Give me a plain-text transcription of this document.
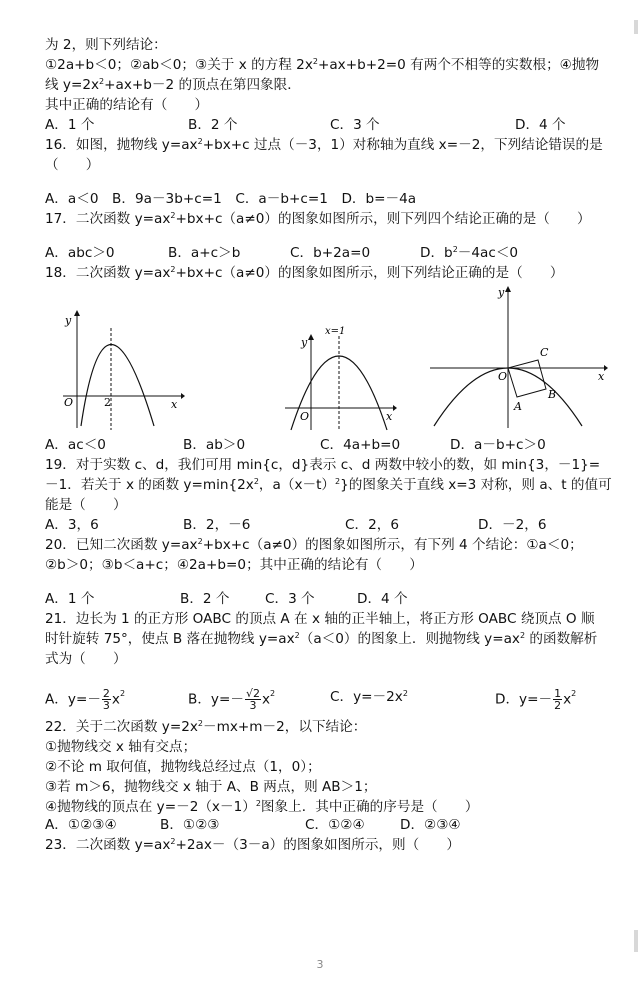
为 2，则下列结论：
①2a+b＜0；②ab＜0；③关于 x 的方程 $2x^2+ax+b+2=0$ 有两个不相等的实数根；④抛物
线 $y=2x^2+ax+b-2$ 的顶点在第四象限．
其中正确的结论有（　　）
A．1 个	B．2 个	C．3 个	D．4 个
16．如图，抛物线 $y=ax^2+bx+c$ 过点（－3，1）对称轴为直线 x=－2，下列结论错误的是
（　　）
A．a＜0　B．9a－3b+c=1　C．a－b+c=1　D．b=－4a
17．二次函数 $y=ax^2+bx+c(a\ne 0)$的图象如图所示，则下列四个结论正确的是（　　）
A．abc＞0	B．a+c＞b	C．b+2a=0	D．$b^2-4ac<0$
18．二次函数 $y=ax^2+bx+c(a\ne 0)$的图象如图所示，则下列结论正确的是（　　）
y
x
O	2
y
x=1
x
O
y
x
O
A
B
C
A．ac＜0	B．ab＞0	C．4a+b=0	D．a－b+c＞0
19．对于实数 c、d，我们可用 min{c，d}表示 c、d 两数中较小的数，如 min{3，－1}=
－1．若关于 x 的函数 $y=\min\{2x^2$，$a(x-t)^2$}的图象关于直线 x=3 对称，则 a、t 的值可
能是（　　）
A．3，6	B．2，－6	C．2，6	D．－2，6
20．已知二次函数 $y=ax^2+bx+c(a\ne 0)$的图象如图所示，有下列 4 个结论：①a＜0；
②b＞0；③b＜a+c；④2a+b=0；其中正确的结论有（　　）
A．1 个	B．2 个	C．3 个	D．4 个
21．边长为 1 的正方形 OABC 的顶点 A 在 x 轴的正半轴上，将正方形 OABC 绕顶点 O 顺
时针旋转 75°，使点 B 落在抛物线 $y=ax^2(a<0)$的图象上．则抛物线 $y=ax^2$ 的函数解析
式为（　　）
A．$y=- \frac{2}{3} x^2$	B．$y=- \frac{√2}{3} x^2$	C．$y=-2x^2$	D．$y=- \frac{1}{2} x^2$
22．关于二次函数 $y=2x^2-mx+m-2$，以下结论：
①抛物线交 x 轴有交点；
②不论 m 取何值，抛物线总经过点（1，0）；
③若 m＞6，抛物线交 x 轴于 A、B 两点，则 AB＞1；
④抛物线的顶点在 $y=-2(x-1)^2$图象上．其中正确的序号是（　　）
A．①②③④	B．①②③	C．①②④	D．②③④
23．二次函数 $y=ax^2+2ax-(3-a)$的图象如图所示，则（　　）
3
